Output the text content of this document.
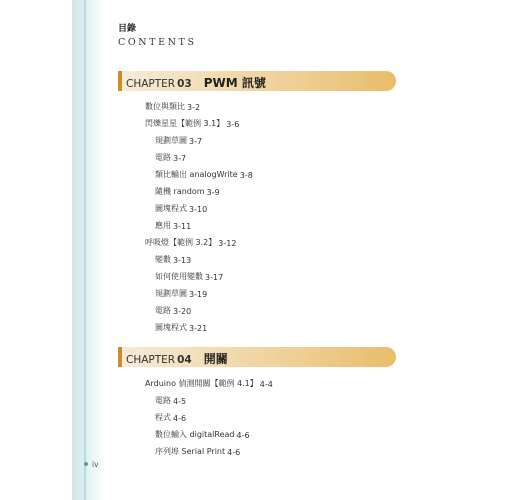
目錄
CONTENTS
CHAPTER 03 PWM 訊號
數位與類比 3-2
閃爍星星【範例 3.1】 3-6
規劃草圖 3-7
電路 3-7
類比輸出 analogWrite 3-8
隨機 random 3-9
圖塊程式 3-10
應用 3-11
呼吸燈【範例 3.2】 3-12
變數 3-13
如何使用變數 3-17
規劃草圖 3-19
電路 3-20
圖塊程式 3-21
CHAPTER 04 開關
Arduino 偵測開關【範例 4.1】 4-4
電路 4-5
程式 4-6
數位輸入 digitalRead 4-6
序列埠 Serial Print 4-6
iv
